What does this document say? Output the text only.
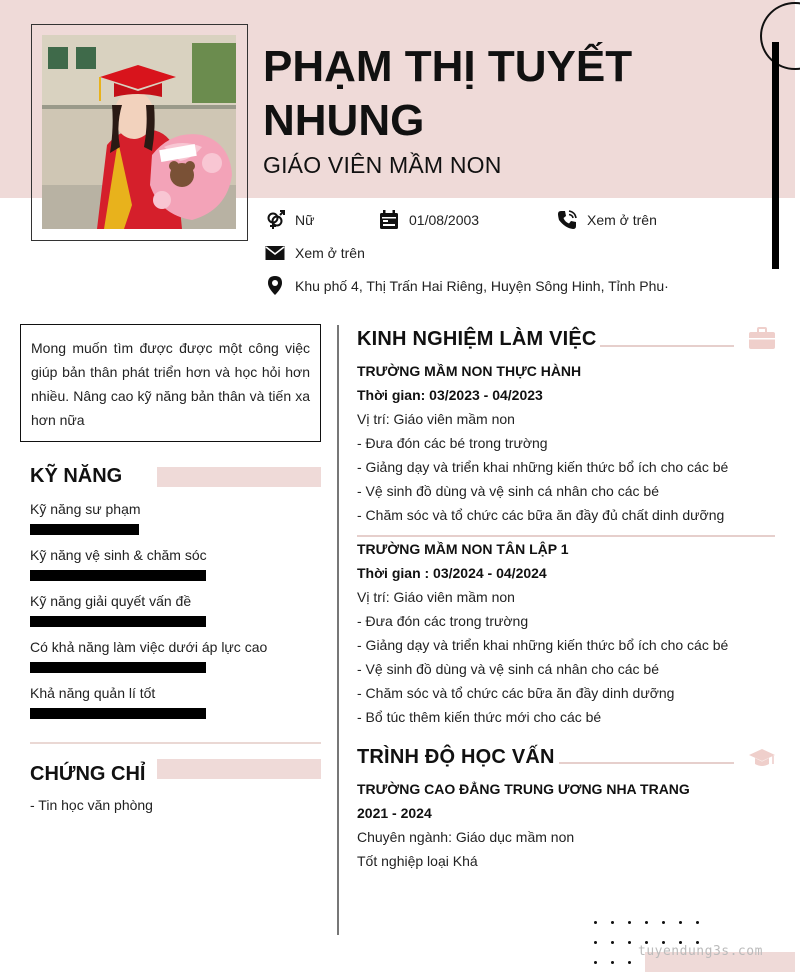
PHẠM THỊ TUYẾT NHUNG
GIÁO VIÊN MẦM NON
Nữ	01/08/2003	Xem ở trên
Xem ở trên
Khu phố 4, Thị Trấn Hai Riêng, Huyện Sông Hinh, Tỉnh Phu·
Mong muốn tìm được được một công việc giúp bản thân phát triển hơn và học hỏi hơn nhiều. Nâng cao kỹ năng bản thân và tiến xa hơn nữa
KỸ NĂNG
Kỹ năng sư phạm
Kỹ năng vệ sinh & chăm sóc
Kỹ năng giải quyết vấn đề
Có khả năng làm việc dưới áp lực cao
Khả năng quản lí tốt
CHỨNG CHỈ
- Tin học văn phòng
KINH NGHIỆM LÀM VIỆC
TRƯỜNG MẦM NON THỰC HÀNH
Thời gian: 03/2023 - 04/2023
Vị trí: Giáo viên mầm non
- Đưa đón các bé trong trường
- Giảng dạy và triển khai những kiến thức bổ ích cho các bé
- Vệ sinh đồ dùng và vệ sinh cá nhân cho các bé
- Chăm sóc và tổ chức các bữa ăn đầy đủ chất dinh dưỡng
TRƯỜNG MẦM NON TÂN LẬP 1
Thời gian : 03/2024 - 04/2024
Vị trí: Giáo viên mầm non
- Đưa đón các trong trường
- Giảng dạy và triển khai những kiến thức bổ ích cho các bé
- Vệ sinh đồ dùng và vệ sinh cá nhân cho các bé
- Chăm sóc và tổ chức các bữa ăn đầy dinh dưỡng
- Bổ túc thêm kiến thức mới cho các bé
TRÌNH ĐỘ HỌC VẤN
TRƯỜNG CAO ĐẲNG TRUNG ƯƠNG NHA TRANG
2021 - 2024
Chuyên ngành: Giáo dục mầm non
Tốt nghiệp loại Khá
tuyendung3s.com
